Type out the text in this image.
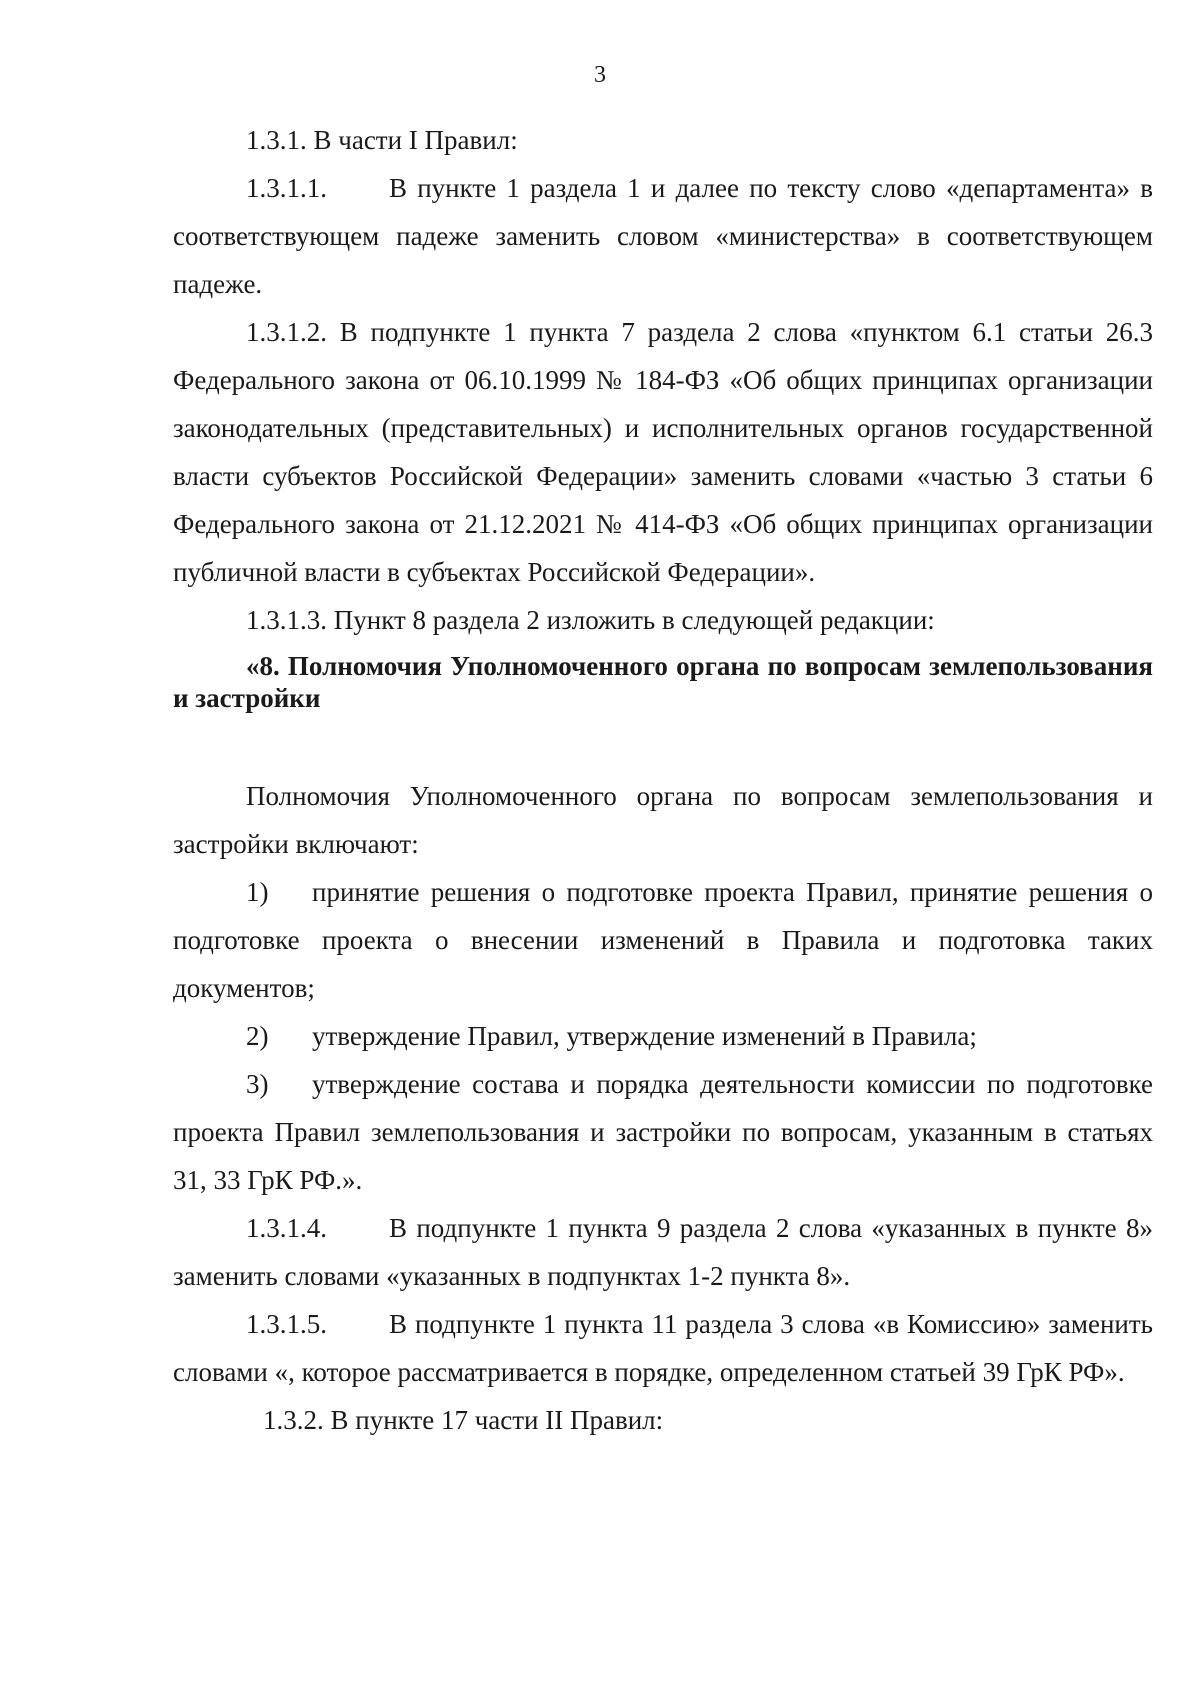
3

1.3.1. В части I Правил:

1.3.1.1. В пункте 1 раздела 1 и далее по тексту слово «департамента» в соответствующем падеже заменить словом «министерства» в соответствующем падеже.

1.3.1.2. В подпункте 1 пункта 7 раздела 2 слова «пунктом 6.1 статьи 26.3 Федерального закона от 06.10.1999 № 184-ФЗ «Об общих принципах организации законодательных (представительных) и исполнительных органов государственной власти субъектов Российской Федерации» заменить словами «частью 3 статьи 6 Федерального закона от 21.12.2021 № 414-ФЗ «Об общих принципах организации публичной власти в субъектах Российской Федерации».

1.3.1.3. Пункт 8 раздела 2 изложить в следующей редакции:

«8. Полномочия Уполномоченного органа по вопросам землепользования и застройки

Полномочия Уполномоченного органа по вопросам землепользования и застройки включают:

1) принятие решения о подготовке проекта Правил, принятие решения о подготовке проекта о внесении изменений в Правила и подготовка таких документов;

2) утверждение Правил, утверждение изменений в Правила;

3) утверждение состава и порядка деятельности комиссии по подготовке проекта Правил землепользования и застройки по вопросам, указанным в статьях 31, 33 ГрК РФ.».

1.3.1.4. В подпункте 1 пункта 9 раздела 2 слова «указанных в пункте 8» заменить словами «указанных в подпунктах 1-2 пункта 8».

1.3.1.5. В подпункте 1 пункта 11 раздела 3 слова «в Комиссию» заменить словами «, которое рассматривается в порядке, определенном статьей 39 ГрК РФ».

1.3.2. В пункте 17 части II Правил:
